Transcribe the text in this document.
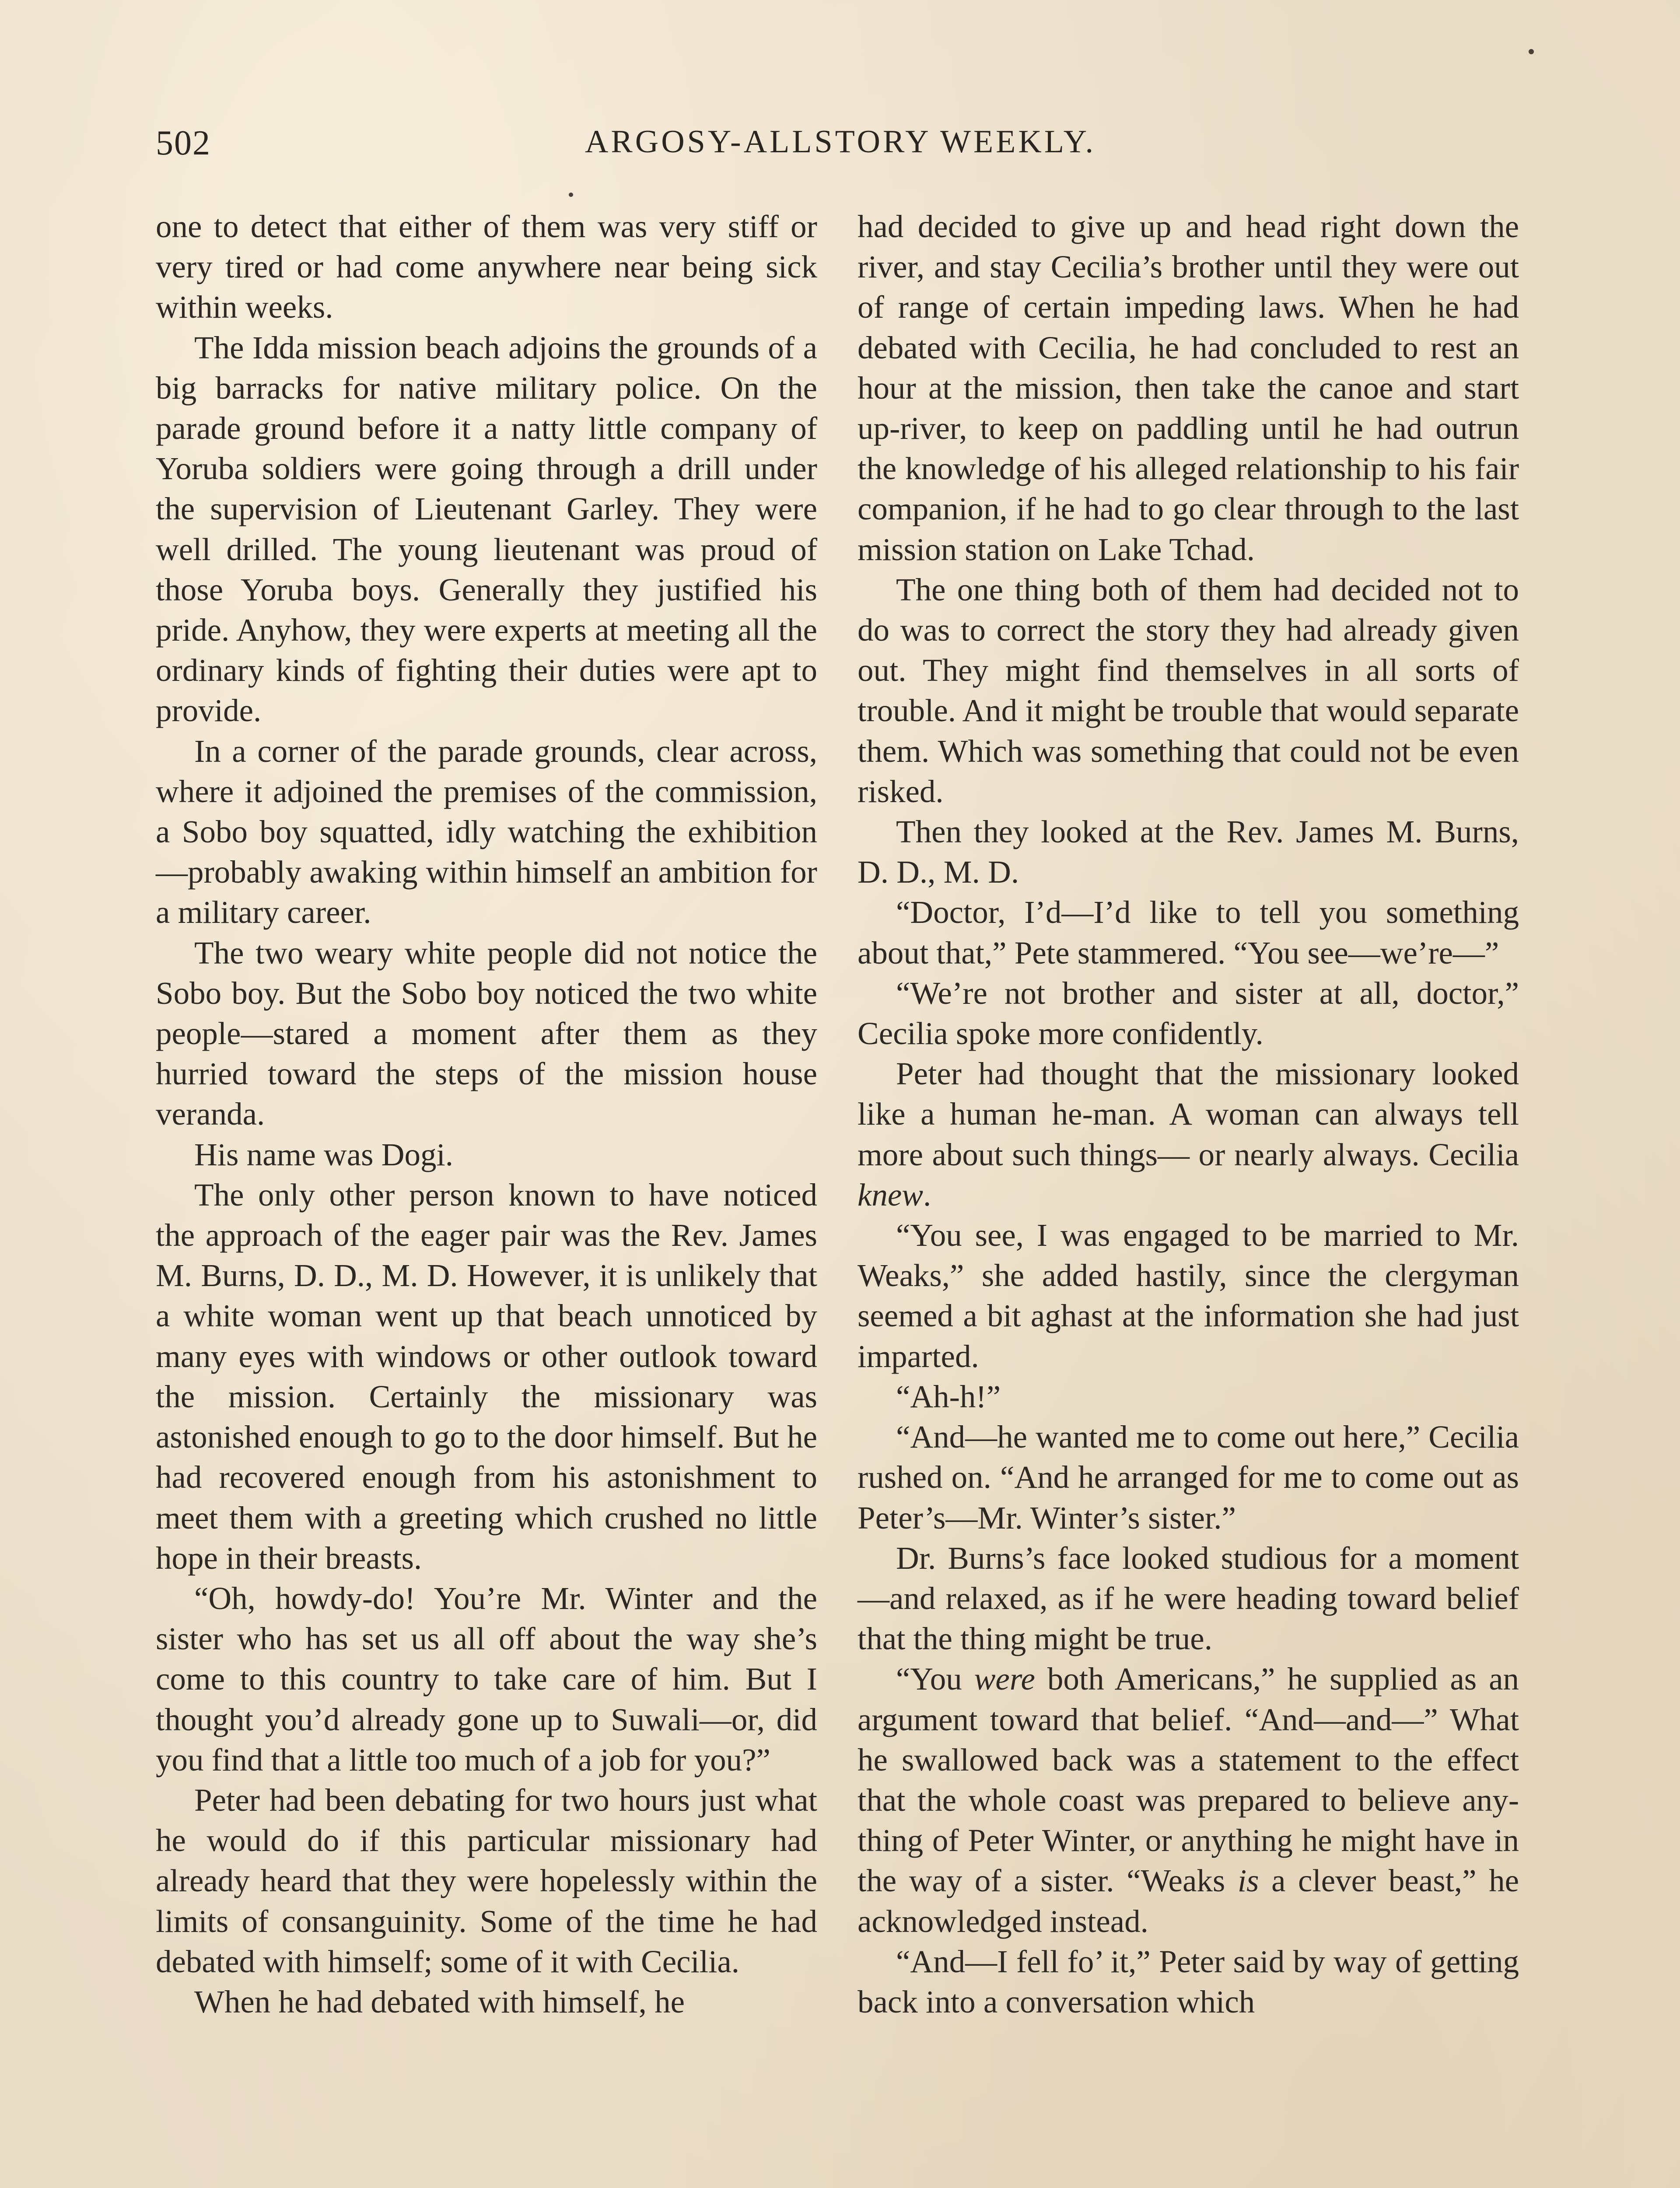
502	ARGOSY-ALLSTORY WEEKLY.

one to detect that either of them was very stiff or very tired or had come anywhere near being sick within weeks.

The Idda mission beach adjoins the grounds of a big barracks for native military police. On the parade ground before it a natty little company of Yoruba soldiers were going through a drill under the supervision of Lieutenant Garley. They were well drilled. The young lieutenant was proud of those Yoruba boys. Generally they justified his pride. Anyhow, they were experts at meeting all the ordinary kinds of fighting their duties were apt to provide.

In a corner of the parade grounds, clear across, where it adjoined the premises of the commission, a Sobo boy squatted, idly watching the exhibition—probably awaking within himself an ambition for a military career.

The two weary white people did not notice the Sobo boy. But the Sobo boy noticed the two white people—stared a moment after them as they hurried toward the steps of the mission house veranda.

His name was Dogi.

The only other person known to have noticed the approach of the eager pair was the Rev. James M. Burns, D. D., M. D. However, it is unlikely that a white woman went up that beach unnoticed by many eyes with windows or other outlook toward the mission. Certainly the missionary was astonished enough to go to the door himself. But he had recovered enough from his astonishment to meet them with a greeting which crushed no little hope in their breasts.

“Oh, howdy-do! You’re Mr. Winter and the sister who has set us all off about the way she’s come to this country to take care of him. But I thought you’d already gone up to Suwali—or, did you find that a little too much of a job for you?”

Peter had been debating for two hours just what he would do if this particular missionary had already heard that they were hopelessly within the limits of consanguinity. Some of the time he had debated with himself; some of it with Cecilia.

When he had debated with himself, he

had decided to give up and head right down the river, and stay Cecilia’s brother until they were out of range of certain impeding laws. When he had debated with Cecilia, he had concluded to rest an hour at the mission, then take the canoe and start up-river, to keep on paddling until he had outrun the knowledge of his alleged relationship to his fair companion, if he had to go clear through to the last mission station on Lake Tchad.

The one thing both of them had decided not to do was to correct the story they had already given out. They might find themselves in all sorts of trouble. And it might be trouble that would separate them. Which was something that could not be even risked.

Then they looked at the Rev. James M. Burns, D. D., M. D.

“Doctor, I’d—I’d like to tell you something about that,” Pete stammered. “You see—we’re—”

“We’re not brother and sister at all, doctor,” Cecilia spoke more confidently.

Peter had thought that the missionary looked like a human he-man. A woman can always tell more about such things— or nearly always. Cecilia knew.

“You see, I was engaged to be married to Mr. Weaks,” she added hastily, since the clergyman seemed a bit aghast at the information she had just imparted.

“Ah-h!”

“And—he wanted me to come out here,” Cecilia rushed on. “And he arranged for me to come out as Peter’s—Mr. Winter’s sister.”

Dr. Burns’s face looked studious for a moment—and relaxed, as if he were heading toward belief that the thing might be true.

“You were both Americans,” he supplied as an argument toward that belief. “And—and—” What he swallowed back was a statement to the effect that the whole coast was prepared to believe anything of Peter Winter, or anything he might have in the way of a sister. “Weaks is a clever beast,” he acknowledged instead.

“And—I fell fo’ it,” Peter said by way of getting back into a conversation which
